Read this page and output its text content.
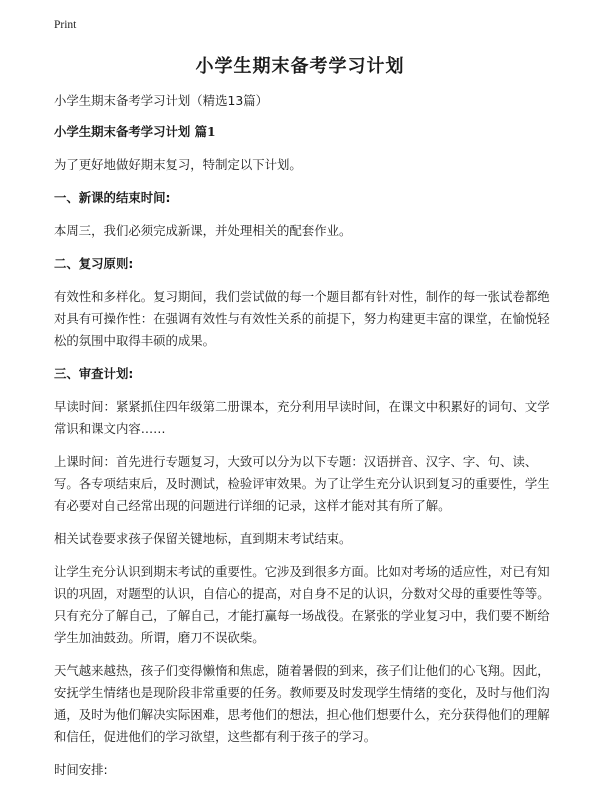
Print
小学生期末备考学习计划

小学生期末备考学习计划（精选13篇）

小学生期末备考学习计划 篇1

为了更好地做好期末复习，特制定以下计划。

一、新课的结束时间:

本周三，我们必须完成新课，并处理相关的配套作业。

二、复习原则:

有效性和多样化。复习期间，我们尝试做的每一个题目都有针对性，制作的每一张试卷都绝对具有可操作性：在强调有效性与有效性关系的前提下，努力构建更丰富的课堂，在愉悦轻松的氛围中取得丰硕的成果。

三、审查计划:

早读时间：紧紧抓住四年级第二册课本，充分利用早读时间，在课文中积累好的词句、文学常识和课文内容……

上课时间：首先进行专题复习，大致可以分为以下专题：汉语拼音、汉字、字、句、读、写。各专项结束后，及时测试，检验评审效果。为了让学生充分认识到复习的重要性，学生有必要对自己经常出现的问题进行详细的记录，这样才能对其有所了解。

相关试卷要求孩子保留关键地标，直到期末考试结束。

让学生充分认识到期末考试的重要性。它涉及到很多方面。比如对考场的适应性，对已有知识的巩固，对题型的认识，自信心的提高，对自身不足的认识，分数对父母的重要性等等。只有充分了解自己，了解自己，才能打赢每一场战役。在紧张的学业复习中，我们要不断给学生加油鼓劲。所谓，磨刀不误砍柴。

天气越来越热，孩子们变得懒惰和焦虑，随着暑假的到来，孩子们让他们的心飞翔。因此，安抚学生情绪也是现阶段非常重要的任务。教师要及时发现学生情绪的变化，及时与他们沟通，及时为他们解决实际困难，思考他们的想法，担心他们想要什么，充分获得他们的理解和信任，促进他们的学习欲望，这些都有利于孩子的学习。

时间安排:
